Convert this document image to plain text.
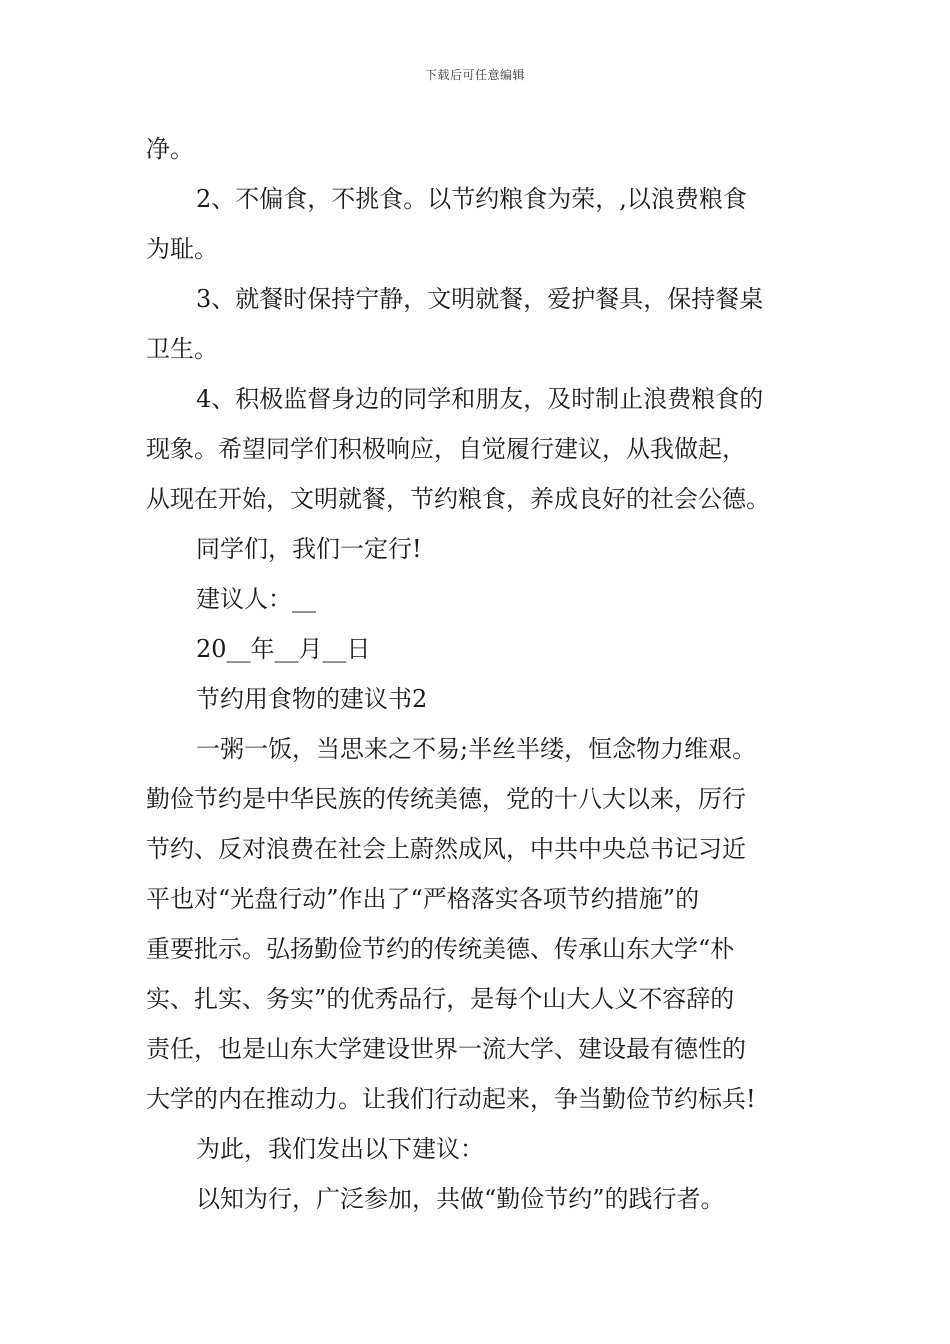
下载后可任意编辑
净。
2、不偏食，不挑食。以节约粮食为荣，,以浪费粮食
为耻。
3、就餐时保持宁静，文明就餐，爱护餐具，保持餐桌
卫生。
4、积极监督身边的同学和朋友，及时制止浪费粮食的
现象。希望同学们积极响应，自觉履行建议，从我做起，
从现在开始，文明就餐，节约粮食，养成良好的社会公德。
同学们，我们一定行!
建议人：__
20__年__月__日
节约用食物的建议书2
一粥一饭，当思来之不易;半丝半缕，恒念物力维艰。
勤俭节约是中华民族的传统美德，党的十八大以来，厉行
节约、反对浪费在社会上蔚然成风，中共中央总书记习近
平也对“光盘行动”作出了“严格落实各项节约措施”的
重要批示。弘扬勤俭节约的传统美德、传承山东大学“朴
实、扎实、务实”的优秀品行，是每个山大人义不容辞的
责任，也是山东大学建设世界一流大学、建设最有德性的
大学的内在推动力。让我们行动起来，争当勤俭节约标兵!
为此，我们发出以下建议：
以知为行，广泛参加，共做“勤俭节约”的践行者。
